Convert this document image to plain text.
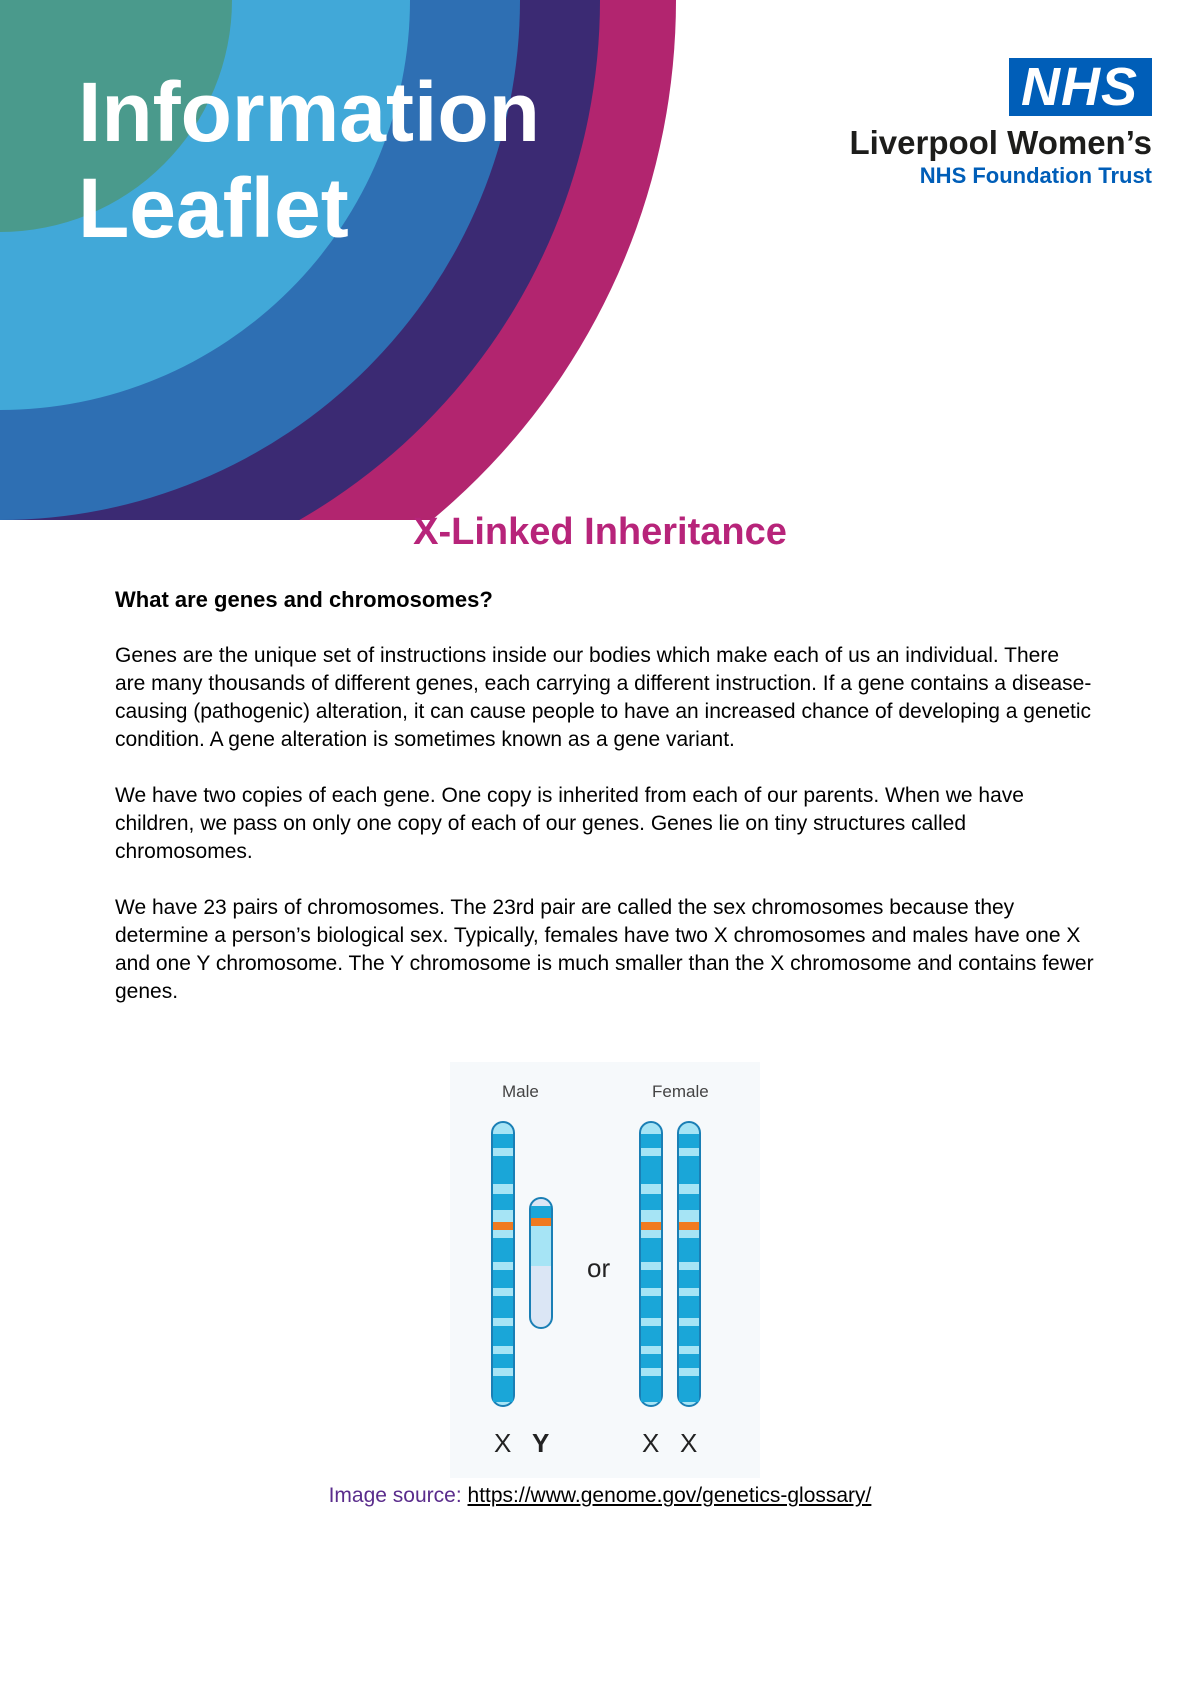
Information
Leaflet
NHS
Liverpool Women’s
NHS Foundation Trust
X-Linked Inheritance
What are genes and chromosomes?

Genes are the unique set of instructions inside our bodies which make each of us an individual. There are many thousands of different genes, each carrying a different instruction. If a gene contains a disease-causing (pathogenic) alteration, it can cause people to have an increased chance of developing a genetic condition. A gene alteration is sometimes known as a gene variant.

We have two copies of each gene. One copy is inherited from each of our parents. When we have children, we pass on only one copy of each of our genes. Genes lie on tiny structures called chromosomes.

We have 23 pairs of chromosomes. The 23rd pair are called the sex chromosomes because they determine a person’s biological sex. Typically, females have two X chromosomes and males have one X and one Y chromosome. The Y chromosome is much smaller than the X chromosome and contains fewer genes.

Male	Female
or
X Y	X X
Image source: https://www.genome.gov/genetics-glossary/
